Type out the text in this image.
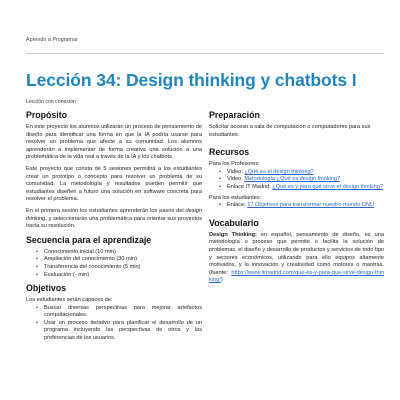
Aprendo a Programar
Lección 34: Design thinking y chatbots I
Lección con conexión
Propósito

En este proyecto los alumnos utilizarán un proceso de pensamiento de diseño para identificar una forma en que la IA podría usarse para resolver un problema que afecte a su comunidad. Los alumnos aprenderán a implementar de forma creativa una solución a una problemática de la vida real a través de la IA y los chatbots.

Este proyecto que consta de 5 sesiones permitirá a los estudiantes crear un prototipo o concepto para resolver un problema de su comunidad. La metodología y resultados pueden permitir que estudiantes diseñen a futuro una solución en software concreta para resolver el problema.

En el primera sesión los estudiantes aprenderán los pasos del design thinking, y seleccionarán una problemática para orientar sus proyectos hacia su resolución.

Secuencia para el aprendizaje
• Conocimiento inicial (10 min)
• Ampliación del conocimiento (30 min)
• Transferencia del conocimiento (5 min)
• Evaluación (- min)
Objetivos

Los estudiantes serán capaces de:

• Buscar diversas perspectivas para mejorar artefactos computacionales.
• Usar un proceso iterativo para planificar el desarrollo de un programa incluyendo las perspectivas de otros y las preferencias de los usuarios.
Preparación

Solicitar acceso a sala de computación o computadores para sus estudiantes.

Recursos

Para los Profesores:

• Video: ¿Qué es el design thinking?
• Video: Metodología ¿Qué es design thinking?
• Enlace IT Madrid: ¿Qué es y para qué sirve el design thinking?

Para los estudiantes:

• Enlace: 17 Objetivos para transformar nuestro mundo ONU
Vocabulario

Design Thinking: en español, pensamiento de diseño, es una metodología o proceso que permite o facilita la solución de problemas, el diseño y desarrollo de productos y servicios de todo tipo y sectores económicos, utilizando para ello equipos altamente motivados, y la innovación y creatividad como motores o mantras. (fuente: https://www.itmadrid.com/que-es-y-para-que-sirve-design-thinking/)
